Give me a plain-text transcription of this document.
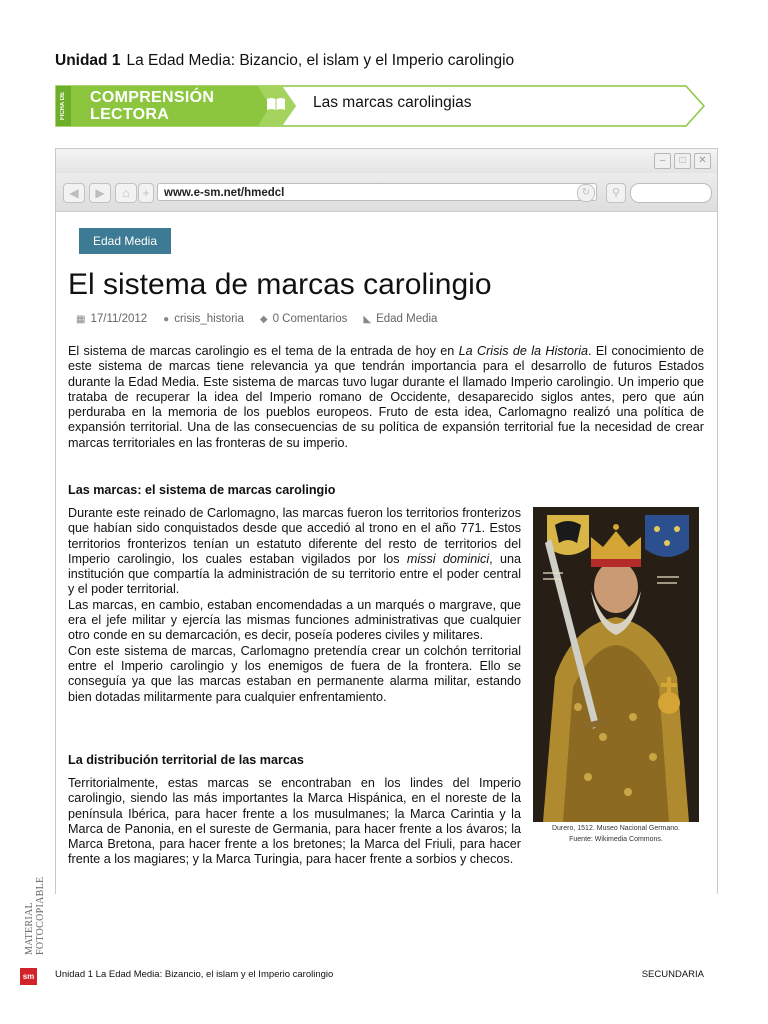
Unidad 1 La Edad Media: Bizancio, el islam y el Imperio carolingio
FICHA DE COMPRENSIÓN
LECTORA
Las marcas carolingias
–	□	✕
◀	▶	⌂	+	www.e-sm.net/hmedcl	↻	⚲
Edad Media
El sistema de marcas carolingio
▦ 17/11/2012 ● crisis_historia ◆ 0 Comentarios ◣ Edad Media

El sistema de marcas carolingio es el tema de la entrada de hoy en La Crisis de la Historia. El conocimiento de este sistema de marcas tiene relevancia ya que tendrán importancia para el desarrollo de futuros Estados durante la Edad Media. Este sistema de marcas tuvo lugar durante el llamado Imperio carolingio. Un imperio que trataba de recuperar la idea del Imperio romano de Occidente, desaparecido siglos antes, pero que aún perduraba en la memoria de los pueblos europeos. Fruto de esta idea, Carlomagno realizó una política de expansión territorial. Una de las consecuencias de su política de expansión territorial fue la necesidad de crear marcas territoriales en las fronteras de su imperio.

Las marcas: el sistema de marcas carolingio

Durante este reinado de Carlomagno, las marcas fueron los territorios fronterizos que habían sido conquistados desde que accedió al trono en el año 771. Estos territorios fronterizos tenían un estatuto diferente del resto de territorios del Imperio carolingio, los cuales estaban vigilados por los missi dominici, una institución que compartía la administración de su territorio entre el poder central y el poder territorial.

Las marcas, en cambio, estaban encomendadas a un marqués o margrave, que era el jefe militar y ejercía las mismas funciones administrativas que cualquier otro conde en su demarcación, es decir, poseía poderes civiles y militares.

Con este sistema de marcas, Carlomagno pretendía crear un colchón territorial entre el Imperio carolingio y los enemigos de fuera de la frontera. Ello se conseguía ya que las marcas estaban en permanente alarma militar, estando bien dotadas militarmente para cualquier enfrentamiento.

La distribución territorial de las marcas

Territorialmente, estas marcas se encontraban en los lindes del Imperio carolingio, siendo las más importantes la Marca Hispánica, en el noreste de la península Ibérica, para hacer frente a los musulmanes; la Marca Carintia y la Marca de Panonia, en el sureste de Germania, para hacer frente a los ávaros; la Marca Bretona, para hacer frente a los bretones; la Marca del Friuli, para hacer frente a los magiares; y la Marca Turingia, para hacer frente a sorbios y checos.

Durero, 1512. Museo Nacional Germano.
Fuente: Wikimedia Commons.
MATERIAL FOTOCOPIABLE
sm Unidad 1 La Edad Media: Bizancio, el islam y el Imperio carolingio	SECUNDARIA
